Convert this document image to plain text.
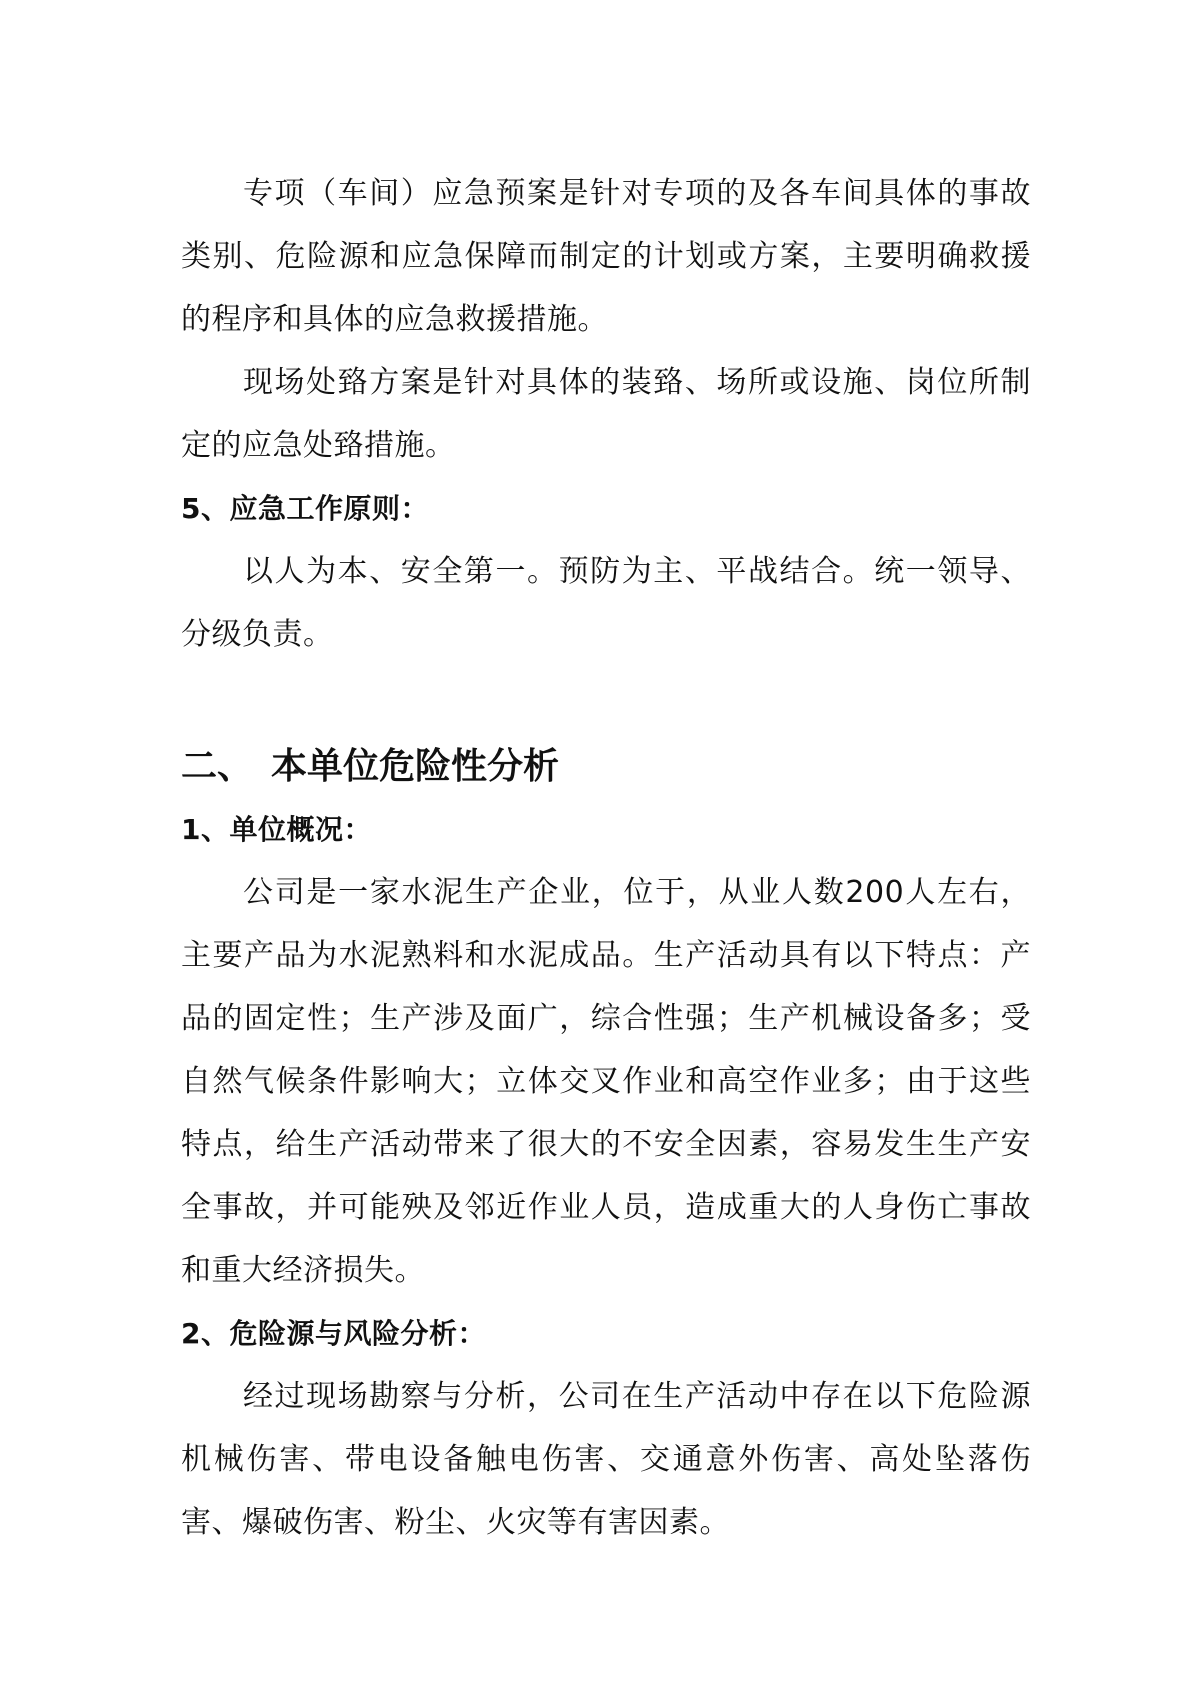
专项（车间）应急预案是针对专项的及各车间具体的事故类别、危险源和应急保障而制定的计划或方案，主要明确救援的程序和具体的应急救援措施。

现场处臵方案是针对具体的装臵、场所或设施、岗位所制定的应急处臵措施。

5、应急工作原则：

以人为本、安全第一。预防为主、平战结合。统一领导、分级负责。

二、 本单位危险性分析

1、单位概况：

公司是一家水泥生产企业，位于，从业人数200人左右，主要产品为水泥熟料和水泥成品。生产活动具有以下特点：产品的固定性；生产涉及面广，综合性强；生产机械设备多；受自然气候条件影响大；立体交叉作业和高空作业多；由于这些特点，给生产活动带来了很大的不安全因素，容易发生生产安全事故，并可能殃及邻近作业人员，造成重大的人身伤亡事故和重大经济损失。

2、危险源与风险分析：

经过现场勘察与分析，公司在生产活动中存在以下危险源机械伤害、带电设备触电伤害、交通意外伤害、高处坠落伤害、爆破伤害、粉尘、火灾等有害因素。
